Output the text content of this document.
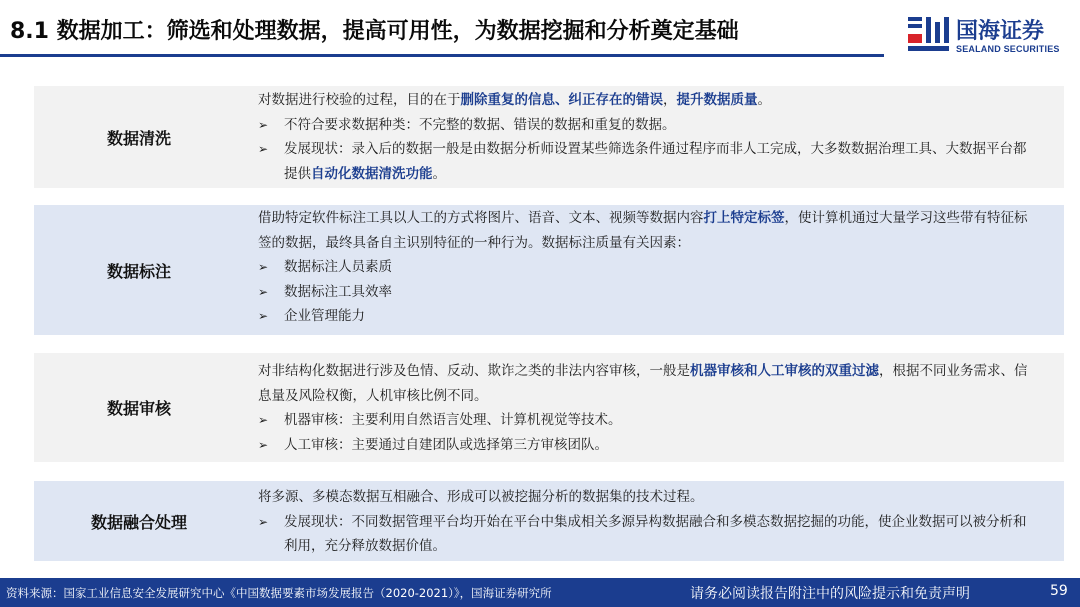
8.1 数据加工：筛选和处理数据，提高可用性，为数据挖掘和分析奠定基础	国海证券
SEALAND SECURITIES
数据清洗
对数据进行校验的过程，目的在于删除重复的信息、纠正存在的错误，提升数据质量。
➢	不符合要求数据种类：不完整的数据、错误的数据和重复的数据。
➢	发展现状：录入后的数据一般是由数据分析师设置某些筛选条件通过程序而非人工完成，大多数数据治理工具、大数据平台都提供自动化数据清洗功能。
数据标注
借助特定软件标注工具以人工的方式将图片、语音、文本、视频等数据内容打上特定标签，使计算机通过大量学习这些带有特征标签的数据，最终具备自主识别特征的一种行为。数据标注质量有关因素：
➢	数据标注人员素质
➢	数据标注工具效率
➢	企业管理能力
数据审核
对非结构化数据进行涉及色情、反动、欺诈之类的非法内容审核，一般是机器审核和人工审核的双重过滤，根据不同业务需求、信息量及风险权衡，人机审核比例不同。
➢	机器审核：主要利用自然语言处理、计算机视觉等技术。
➢	人工审核：主要通过自建团队或选择第三方审核团队。
数据融合处理
将多源、多模态数据互相融合、形成可以被挖掘分析的数据集的技术过程。
➢	发展现状：不同数据管理平台均开始在平台中集成相关多源异构数据融合和多模态数据挖掘的功能，使企业数据可以被分析和利用，充分释放数据价值。
资料来源：国家工业信息安全发展研究中心《中国数据要素市场发展报告（2020-2021）》，国海证券研究所	请务必阅读报告附注中的风险提示和免责声明	59
